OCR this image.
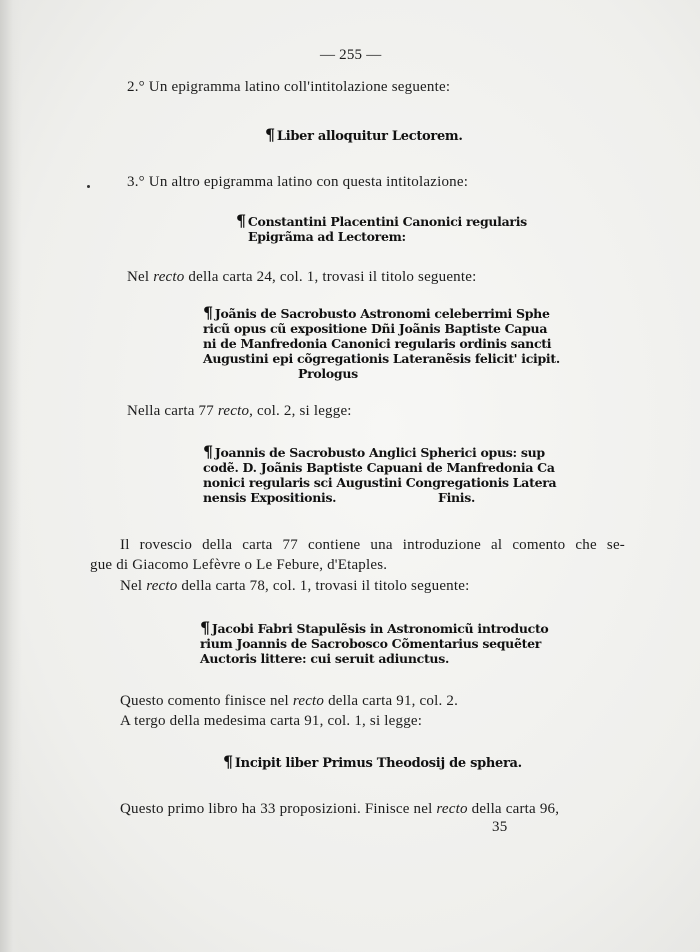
— 255 —
2.° Un epigramma latino coll'intitolazione seguente:
¶ Liber alloquitur Lectorem.
3.° Un altro epigramma latino con questa intitolazione:
¶ Constantini Placentini Canonici regularis
Epigrãma ad Lectorem:
Nel recto della carta 24, col. 1, trovasi il titolo seguente:
¶ Joãnis de Sacrobusto Astronomi celeberrimi Sphe
ricũ opus cũ expositione Dñi Joãnis Baptiste Capua
ni de Manfredonia Canonici regularis ordinis sancti
Augustini epi cõgregationis Lateranẽsis felicit' icipit.
Prologus
Nella carta 77 recto, col. 2, si legge:
¶ Joannis de Sacrobusto Anglici Spherici opus: sup
codẽ. D. Joãnis Baptiste Capuani de Manfredonia Ca
nonici regularis sci Augustini Congregationis Latera
nensis Expositionis.	Finis.
Il rovescio della carta 77 contiene una introduzione al comento che se-
gue di Giacomo Lefèvre o Le Febure, d'Etaples.
Nel recto della carta 78, col. 1, trovasi il titolo seguente:
¶ Jacobi Fabri Stapulẽsis in Astronomicũ introducto
rium Joannis de Sacrobosco Cõmentarius sequẽter
Auctoris littere: cui seruit adiunctus.
Questo comento finisce nel recto della carta 91, col. 2.
A tergo della medesima carta 91, col. 1, si legge:
¶ Incipit liber Primus Theodosij de sphera.
Questo primo libro ha 33 proposizioni. Finisce nel recto della carta 96,
35
